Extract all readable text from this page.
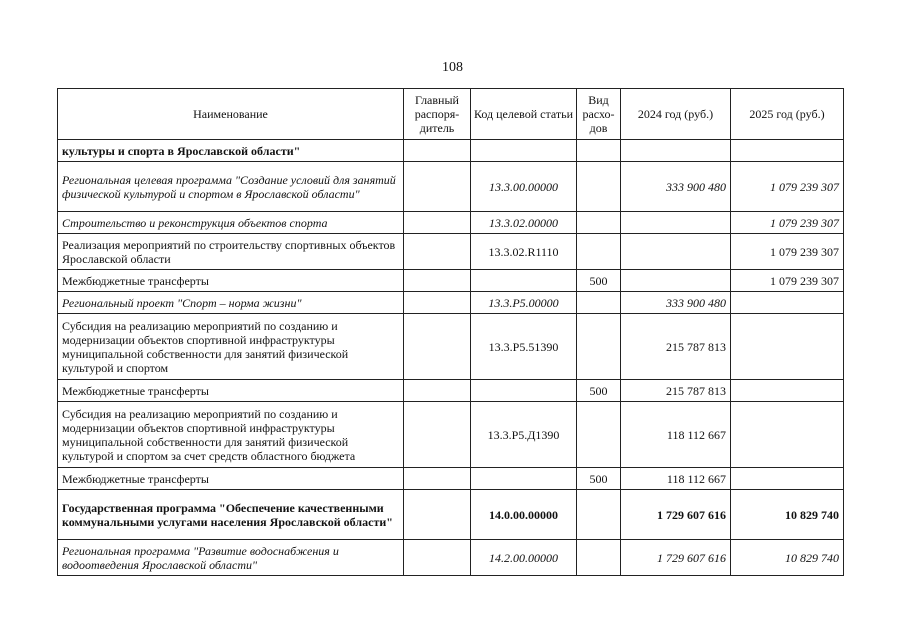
108
Наименование	Главный распоря-дитель	Код целевой статьи	Вид расхо-дов	2024 год (руб.)	2025 год (руб.)
культуры и спорта в Ярославской области"					
Региональная целевая программа "Создание условий для занятий физической культурой и спортом в Ярославской области"		13.3.00.00000		333 900 480	1 079 239 307
Строительство и реконструкция объектов спорта		13.3.02.00000			1 079 239 307
Реализация мероприятий по строительству спортивных объектов Ярославской области		13.3.02.R1110			1 079 239 307
Межбюджетные трансферты			500		1 079 239 307
Региональный проект "Спорт – норма жизни"		13.3.P5.00000		333 900 480	
Субсидия на реализацию мероприятий по созданию и модернизации объектов спортивной инфраструктуры муниципальной собственности для занятий физической культурой и спортом		13.3.P5.51390		215 787 813	
Межбюджетные трансферты			500	215 787 813	
Субсидия на реализацию мероприятий по созданию и модернизации объектов спортивной инфраструктуры муниципальной собственности для занятий физической культурой и спортом за счет средств областного бюджета		13.3.P5.Д1390		118 112 667	
Межбюджетные трансферты			500	118 112 667	
Государственная программа "Обеспечение качественными коммунальными услугами населения Ярославской области"		14.0.00.00000		1 729 607 616	10 829 740
Региональная программа "Развитие водоснабжения и водоотведения Ярославской области"		14.2.00.00000		1 729 607 616	10 829 740
